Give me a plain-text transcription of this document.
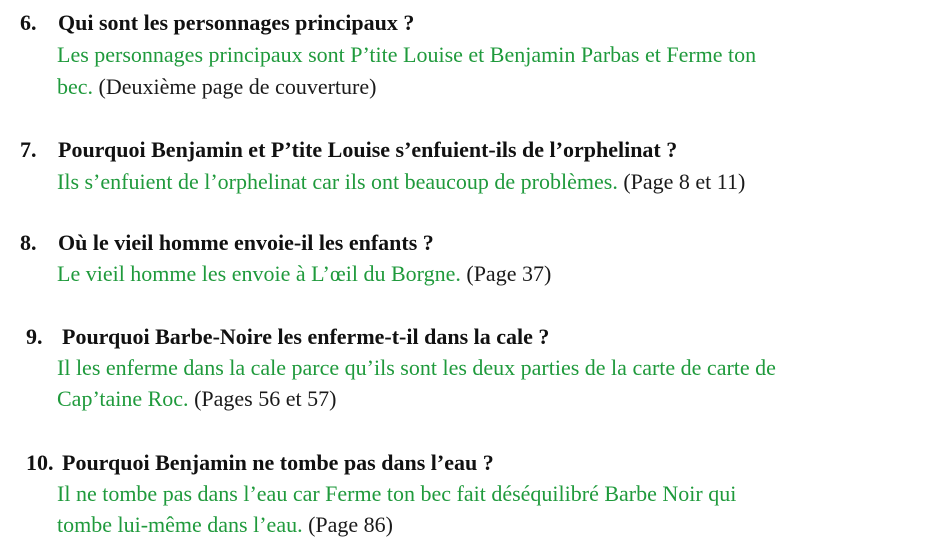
6. Qui sont les personnages principaux ?
Les personnages principaux sont P’tite Louise et Benjamin Parbas et Ferme ton
bec. (Deuxième page de couverture)
7. Pourquoi Benjamin et P’tite Louise s’enfuient-ils de l’orphelinat ?
Ils s’enfuient de l’orphelinat car ils ont beaucoup de problèmes. (Page 8 et 11)
8. Où le vieil homme envoie-il les enfants ?
Le vieil homme les envoie à L’œil du Borgne. (Page 37)
9. Pourquoi Barbe-Noire les enferme-t-il dans la cale ?
Il les enferme dans la cale parce qu’ils sont les deux parties de la carte de carte de
Cap’taine Roc. (Pages 56 et 57)
10. Pourquoi Benjamin ne tombe pas dans l’eau ?
Il ne tombe pas dans l’eau car Ferme ton bec fait déséquilibré Barbe Noir qui
tombe lui-même dans l’eau. (Page 86)
